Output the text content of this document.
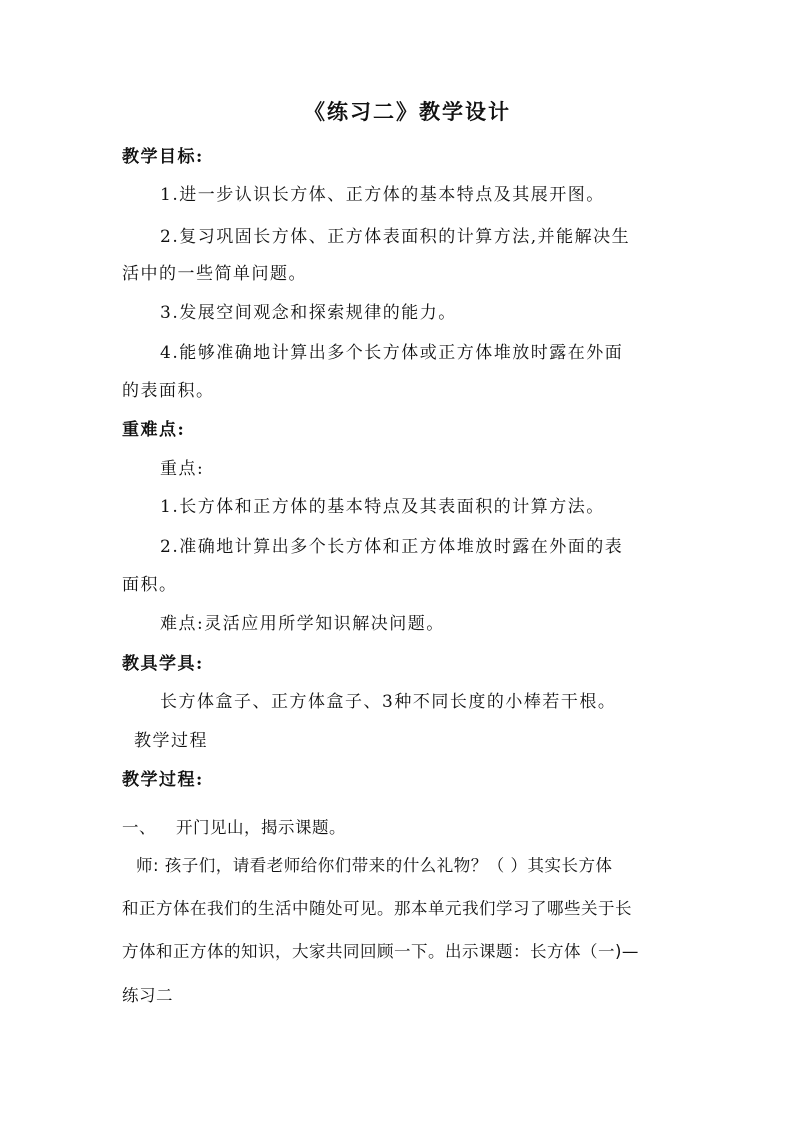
《练习二》教学设计
教学目标:
1.进一步认识长方体、正方体的基本特点及其展开图。
2.复习巩固长方体、正方体表面积的计算方法,并能解决生
活中的一些简单问题。
3.发展空间观念和探索规律的能力。
4.能够准确地计算出多个长方体或正方体堆放时露在外面
的表面积。
重难点:
重点:
1.长方体和正方体的基本特点及其表面积的计算方法。
2.准确地计算出多个长方体和正方体堆放时露在外面的表
面积。
难点:灵活应用所学知识解决问题。
教具学具:
长方体盒子、正方体盒子、3种不同长度的小棒若干根。
教学过程
教学过程:
一、 开门见山，揭示课题。
师: 孩子们，请看老师给你们带来的什么礼物？（ ）其实长方体
和正方体在我们的生活中随处可见。那本单元我们学习了哪些关于长
方体和正方体的知识，大家共同回顾一下。出示课题：长方体（一)—
练习二
